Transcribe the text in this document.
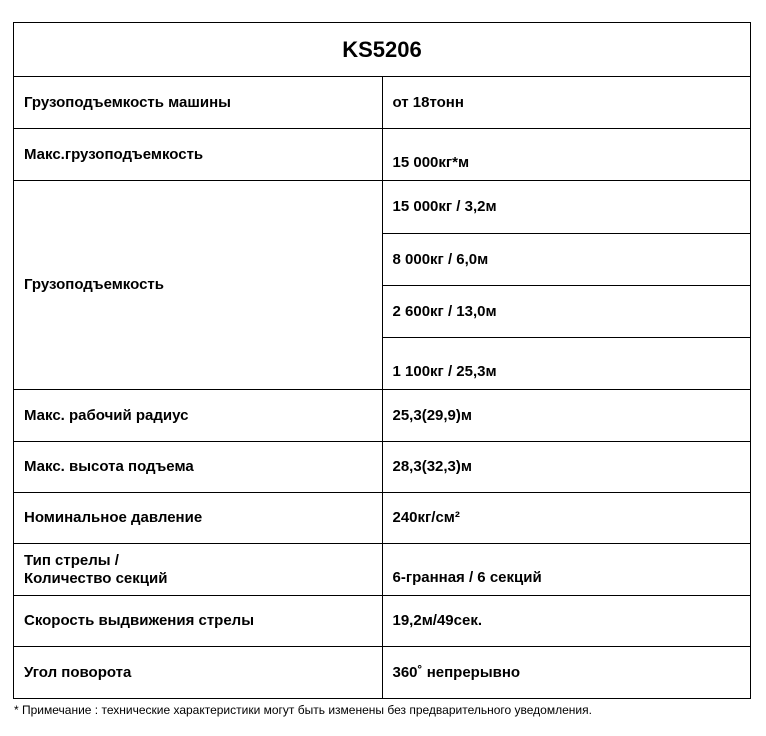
KS5206	
Грузоподъемкость машины	от 18тонн
Макс.грузоподъемкость	15 000кг*м
Грузоподъемкость	15 000кг / 3,2м
	8 000кг / 6,0м
	2 600кг / 13,0м
	1 100кг / 25,3м
Макс. рабочий радиус	25,3(29,9)м
Макс. высота подъема	28,3(32,3)м
Номинальное давление	240кг/см²

Тип стрелы /
Количество секций	6-гранная / 6 секций
Скорость выдвижения стрелы	19,2м/49сек.
Угол поворота	360˚ непрерывно
* Примечание : технические характеристики могут быть изменены без предварительного уведомления.
